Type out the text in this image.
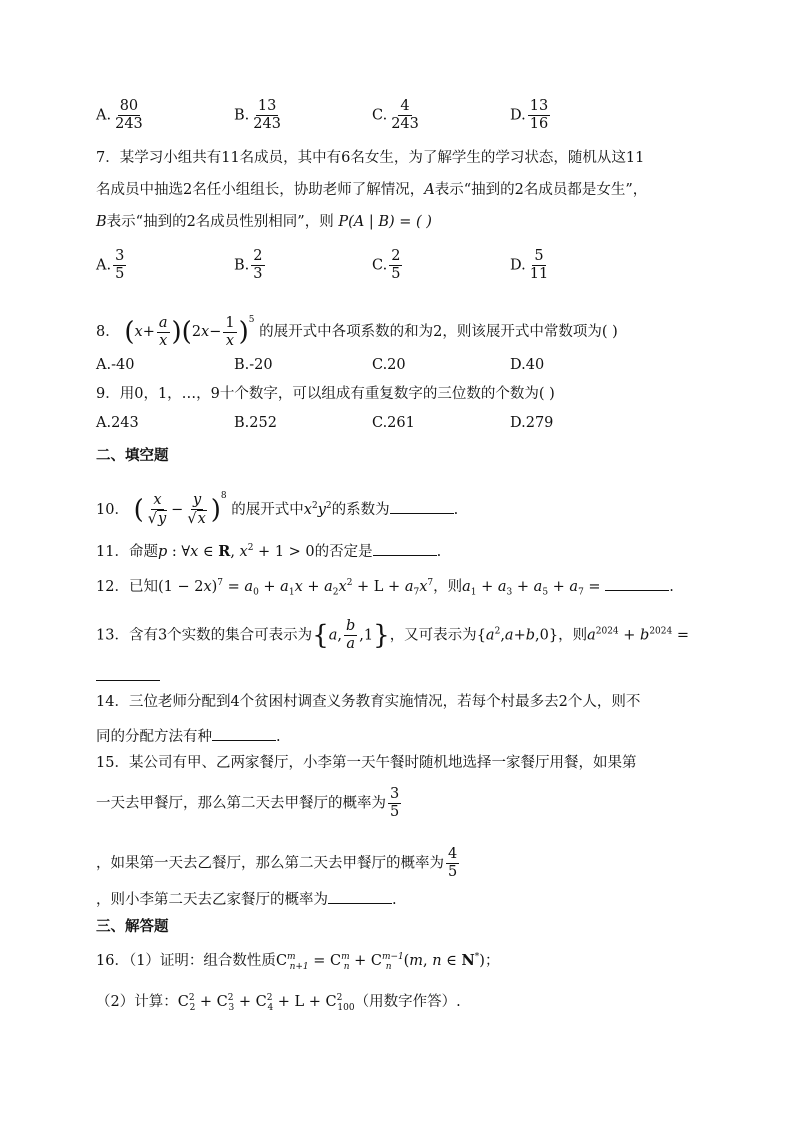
A. $\frac{80}{243}$	B. $\frac{13}{243}$	C. $\frac{4}{243}$	D. $\frac{13}{16}$
7．某学习小组共有11名成员，其中有6名女生，为了解学生的学习状态，随机从这11
名成员中抽选2名任小组组长，协助老师了解情况，A表示“抽到的2名成员都是女生”，
B表示“抽到的2名成员性别相同”，则 P(A | B) = ( )
A. $\frac{3}{5}$	B. $\frac{2}{3}$	C. $\frac{2}{5}$	D. $\frac{5}{11}$
8． $(x+ \frac{a}{x} )(2x- \frac{1}{x} )^5$ 的展开式中各项系数的和为2，则该展开式中常数项为( )
A.-40	B.-20	C.20	D.40
9．用0，1，…，9十个数字，可以组成有重复数字的三位数的个数为( )
A.243	B.252	C.261	D.279
二、填空题
10． ( $\frac{x}{√y} - \frac{y}{√x} )^8$ 的展开式中$x^2y^2$的系数为	.
11．命题p : ∀x ∈ R, $x^2 + 1 > 0$的否定是	.
12．已知$(1 - 2x)^7 = a_0 + a_1x + a_2x^2 + L + a_7x^7$，则$a_1 + a_3 + a_5 + a_7$ =	.
13．含有3个实数的集合可表示为{a, $\frac{b}{a} ,1$}，又可表示为$\{a^2,a+b,0\}$，则$a^{2024} + b^{2024}$ =
14．三位老师分配到4个贫困村调查义务教育实施情况，若每个村最多去2个人，则不
同的分配方法有种	.
15．某公司有甲、乙两家餐厅，小李第一天午餐时随机地选择一家餐厅用餐，如果第
一天去甲餐厅，那么第二天去甲餐厅的概率为 $\frac{3}{5}$
，如果第一天去乙餐厅，那么第二天去甲餐厅的概率为 $\frac{4}{5}$
，则小李第二天去乙家餐厅的概率为	.
三、解答题
16．（1）证明：组合数性质$C^m_{n+1} = C^m_n + C^{m-1}_n$ (m, n ∈ N*)；
（2）计算：$C^2_2 + C^2_3 + C^2_4 + L + C^2_{100}$（用数字作答）.
